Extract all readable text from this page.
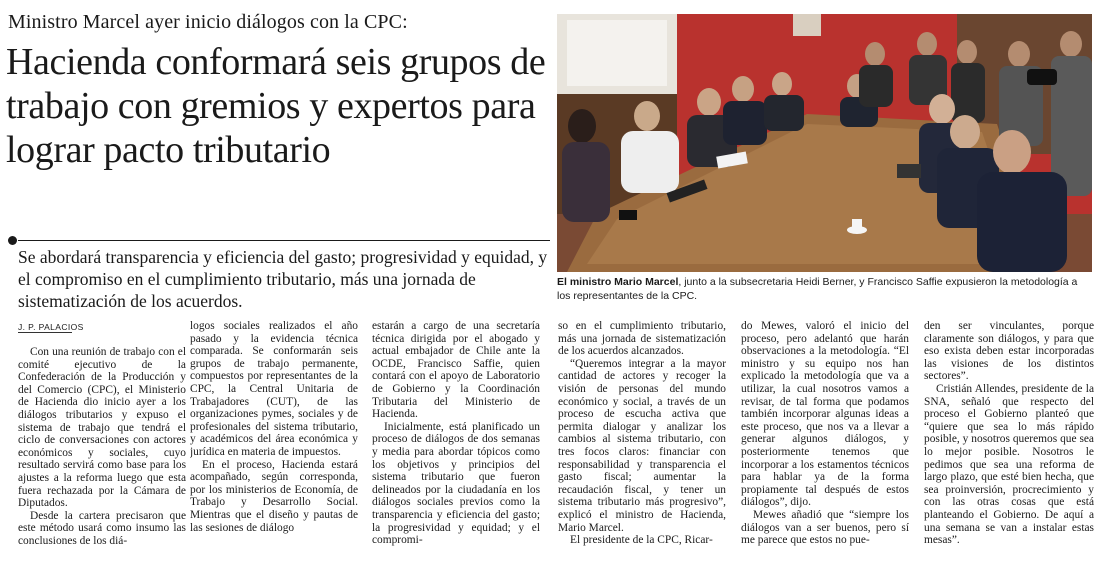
Ministro Marcel ayer inicio diálogos con la CPC:
Hacienda conformará seis grupos de trabajo con gremios y expertos para lograr pacto tributario
Se abordará transparencia y eficiencia del gasto; progresividad y equidad, y el compromiso en el cumplimiento tributario, más una jornada de sistematización de los acuerdos.
El ministro Mario Marcel, junto a la subsecretaria Heidi Berner, y Francisco Saffie expusieron la metodología a los representantes de la CPC.
J. P. PALACIOS

Con una reunión de trabajo con el comité ejecutivo de la Confederación de la Producción y del Comercio (CPC), el Ministerio de Hacienda dio inicio ayer a los diálogos tributarios y expuso el sistema de trabajo que tendrá el ciclo de conversaciones con actores económicos y sociales, cuyo resultado servirá como base para los ajustes a la reforma luego que esta fuera rechazada por la Cámara de Diputados.

Desde la cartera precisaron que este método usará como insumo las conclusiones de los diá-

logos sociales realizados el año pasado y la evidencia técnica comparada. Se conformarán seis grupos de trabajo permanente, compuestos por representantes de la CPC, la Central Unitaria de Trabajadores (CUT), de las organizaciones pymes, sociales y de profesionales del sistema tributario, y académicos del área económica y jurídica en materia de impuestos.

En el proceso, Hacienda estará acompañado, según corresponda, por los ministerios de Economía, de Trabajo y Desarrollo Social. Mientras que el diseño y pautas de las sesiones de diálogo

estarán a cargo de una secretaría técnica dirigida por el abogado y actual embajador de Chile ante la OCDE, Francisco Saffie, quien contará con el apoyo de Laboratorio de Gobierno y la Coordinación Tributaria del Ministerio de Hacienda.

Inicialmente, está planificado un proceso de diálogos de dos semanas y media para abordar tópicos como los objetivos y principios del sistema tributario que fueron delineados por la ciudadanía en los diálogos sociales previos como la transparencia y eficiencia del gasto; la progresividad y equidad; y el compromi-

so en el cumplimiento tributario, más una jornada de sistematización de los acuerdos alcanzados.

“Queremos integrar a la mayor cantidad de actores y recoger la visión de personas del mundo económico y social, a través de un proceso de escucha activa que permita dialogar y analizar los cambios al sistema tributario, con tres focos claros: financiar con responsabilidad y transparencia el gasto fiscal; aumentar la recaudación fiscal, y tener un sistema tributario más progresivo”, explicó el ministro de Hacienda, Mario Marcel.

El presidente de la CPC, Ricar-

do Mewes, valoró el inicio del proceso, pero adelantó que harán observaciones a la metodología. “El ministro y su equipo nos han explicado la metodología que va a utilizar, la cual nosotros vamos a revisar, de tal forma que podamos también incorporar algunas ideas a este proceso, que nos va a llevar a generar algunos diálogos, y posteriormente tenemos que incorporar a los estamentos técnicos para hablar ya de la forma propiamente tal después de estos diálogos”, dijo.

Mewes añadió que “siempre los diálogos van a ser buenos, pero sí me parece que estos no pue-

den ser vinculantes, porque claramente son diálogos, y para que eso exista deben estar incorporadas las visiones de los distintos sectores”.

Cristián Allendes, presidente de la SNA, señaló que respecto del proceso el Gobierno planteó que “quiere que sea lo más rápido posible, y nosotros queremos que sea lo mejor posible. Nosotros le pedimos que sea una reforma de largo plazo, que esté bien hecha, que sea proinversión, procrecimiento y con las otras cosas que está planteando el Gobierno. De aquí a una semana se van a instalar estas mesas”.
